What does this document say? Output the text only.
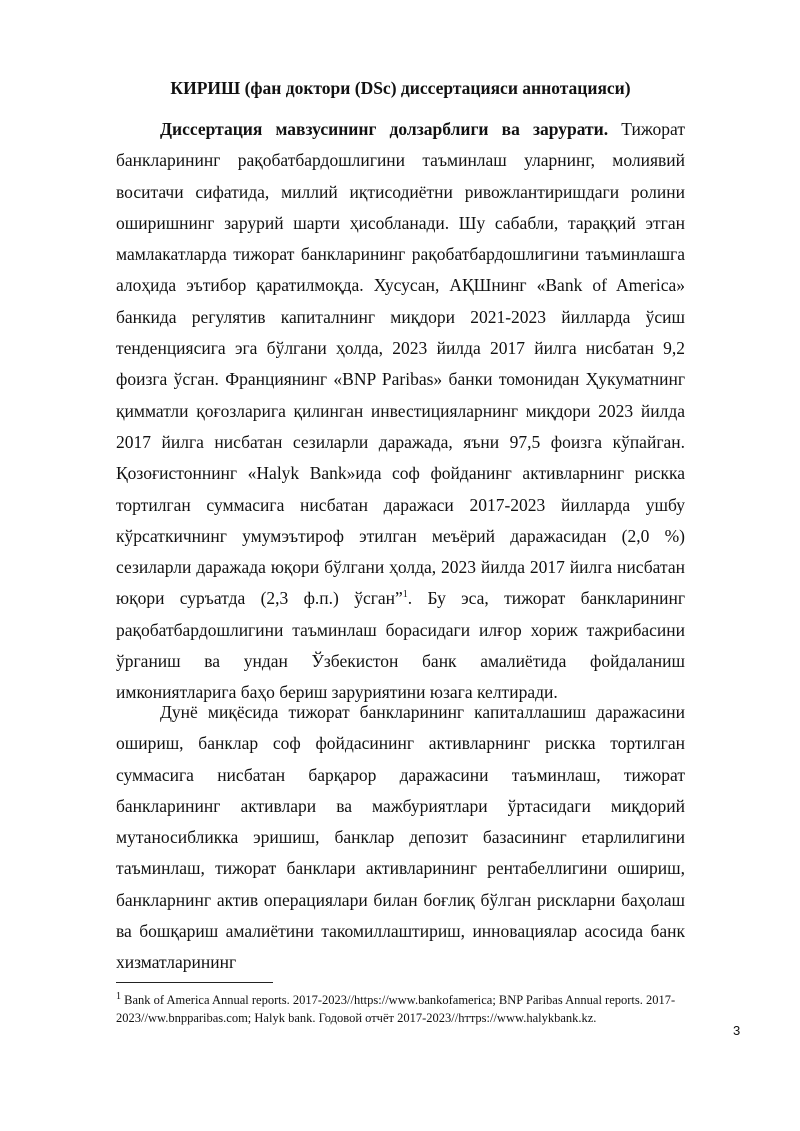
КИРИШ (фан доктори (DSc) диссертацияси аннотацияси)

Диссертация мавзусининг долзарблиги ва зарурати. Тижорат банкларининг рақобатбардошлигини таъминлаш уларнинг, молиявий воситачи сифатида, миллий иқтисодиётни ривожлантиришдаги ролини оширишнинг зарурий шарти ҳисобланади. Шу сабабли, тараққий этган мамлакатларда тижорат банкларининг рақобатбардошлигини таъминлашга алоҳида эътибор қаратилмоқда. Хусусан, АҚШнинг «Bank of America» банкида регулятив капиталнинг миқдори 2021-2023 йилларда ўсиш тенденциясига эга бўлгани ҳолда, 2023 йилда 2017 йилга нисбатан 9,2 фоизга ўсган. Франциянинг «BNP Paribas» банки томонидан Ҳукуматнинг қимматли қоғозларига қилинган инвестицияларнинг миқдори 2023 йилда 2017 йилга нисбатан сезиларли даражада, яъни 97,5 фоизга кўпайган. Қозоғистоннинг «Halyk Bank»ида соф фойданинг активларнинг рискка тортилган суммасига нисбатан даражаси 2017-2023 йилларда ушбу кўрсаткичнинг умумэътироф этилган меъёрий даражасидан (2,0 %) сезиларли даражада юқори бўлгани ҳолда, 2023 йилда 2017 йилга нисбатан юқори суръатда (2,3 ф.п.) ўсган”$^1$. Бу эса, тижорат банкларининг рақобатбардошлигини таъминлаш борасидаги илғор хориж тажрибасини ўрганиш ва ундан Ўзбекистон банк амалиётида фойдаланиш имкониятларига баҳо бериш заруриятини юзага келтиради.

Дунё миқёсида тижорат банкларининг капиталлашиш даражасини ошириш, банклар соф фойдасининг активларнинг рискка тортилган суммасига нисбатан барқарор даражасини таъминлаш, тижорат банкларининг активлари ва мажбуриятлари ўртасидаги миқдорий мутаносибликка эришиш, банклар депозит базасининг етарлилигини таъминлаш, тижорат банклари активларининг рентабеллигини ошириш, банкларнинг актив операциялари билан боғлиқ бўлган рискларни баҳолаш ва бошқариш амалиётини такомиллаштириш, инновациялар асосида банк хизматларининг

$^1$ Bank of America Annual reports. 2017-2023//https://www.bankofamerica; BNP Paribas Annual reports. 2017-2023//ww.bnpparibas.com; Halyk bank. Годовой отчёт 2017-2023//hттps://www.halykbank.kz.

3
